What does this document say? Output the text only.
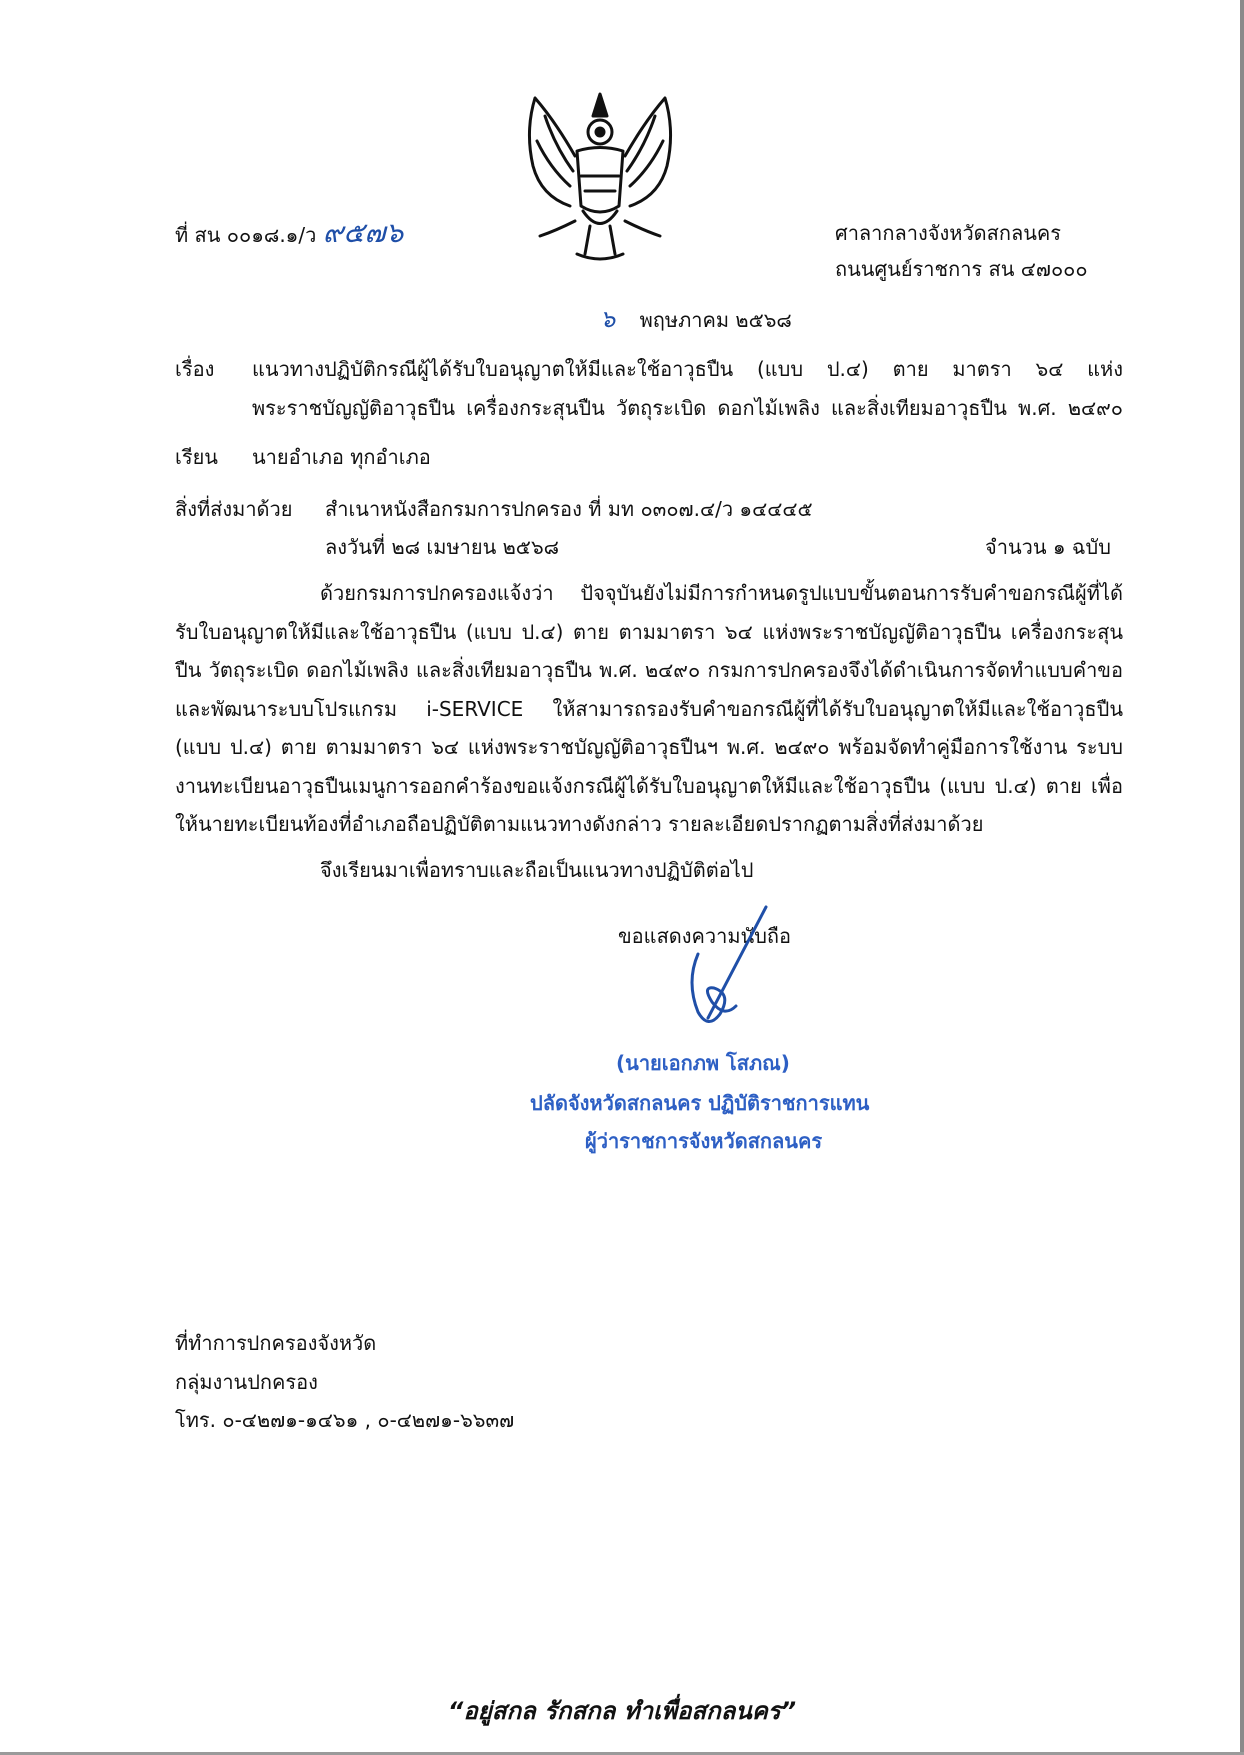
ที่ สน ๐๐๑๘.๑/ว ๙๕๗๖	ศาลากลางจังหวัดสกลนคร
ถนนศูนย์ราชการ สน ๔๗๐๐๐
๖ พฤษภาคม ๒๕๖๘
เรื่อง แนวทางปฏิบัติกรณีผู้ได้รับใบอนุญาตให้มีและใช้อาวุธปืน (แบบ ป.๔) ตาย มาตรา ๖๔ แห่ง
พระราชบัญญัติอาวุธปืน เครื่องกระสุนปืน วัตถุระเบิด ดอกไม้เพลิง และสิ่งเทียมอาวุธปืน พ.ศ. ๒๔๙๐
เรียน นายอำเภอ ทุกอำเภอ
สิ่งที่ส่งมาด้วย สำเนาหนังสือกรมการปกครอง ที่ มท ๐๓๐๗.๔/ว ๑๔๔๔๕
ลงวันที่ ๒๘ เมษายน ๒๕๖๘	จำนวน ๑ ฉบับ
ด้วยกรมการปกครองแจ้งว่า ปัจจุบันยังไม่มีการกำหนดรูปแบบขั้นตอนการรับคำขอกรณีผู้ที่ได้รับใบอนุญาตให้มีและใช้อาวุธปืน (แบบ ป.๔) ตาย ตามมาตรา ๖๔ แห่งพระราชบัญญัติอาวุธปืน เครื่องกระสุนปืน วัตถุระเบิด ดอกไม้เพลิง และสิ่งเทียมอาวุธปืน พ.ศ. ๒๔๙๐ กรมการปกครองจึงได้ดำเนินการจัดทำแบบคำขอและพัฒนาระบบโปรแกรม i-SERVICE ให้สามารถรองรับคำขอกรณีผู้ที่ได้รับใบอนุญาตให้มีและใช้อาวุธปืน (แบบ ป.๔) ตาย ตามมาตรา ๖๔ แห่งพระราชบัญญัติอาวุธปืนฯ พ.ศ. ๒๔๙๐ พร้อมจัดทำคู่มือการใช้งาน ระบบงานทะเบียนอาวุธปืนเมนูการออกคำร้องขอแจ้งกรณีผู้ได้รับใบอนุญาตให้มีและใช้อาวุธปืน (แบบ ป.๔) ตาย เพื่อให้นายทะเบียนท้องที่อำเภอถือปฏิบัติตามแนวทางดังกล่าว รายละเอียดปรากฏตามสิ่งที่ส่งมาด้วย
จึงเรียนมาเพื่อทราบและถือเป็นแนวทางปฏิบัติต่อไป
ขอแสดงความนับถือ
(นายเอกภพ โสภณ)
ปลัดจังหวัดสกลนคร ปฏิบัติราชการแทน
ผู้ว่าราชการจังหวัดสกลนคร
ที่ทำการปกครองจังหวัด
กลุ่มงานปกครอง
โทร. ๐-๔๒๗๑-๑๔๖๑ , ๐-๔๒๗๑-๖๖๓๗
“อยู่สกล รักสกล ทำเพื่อสกลนคร”
